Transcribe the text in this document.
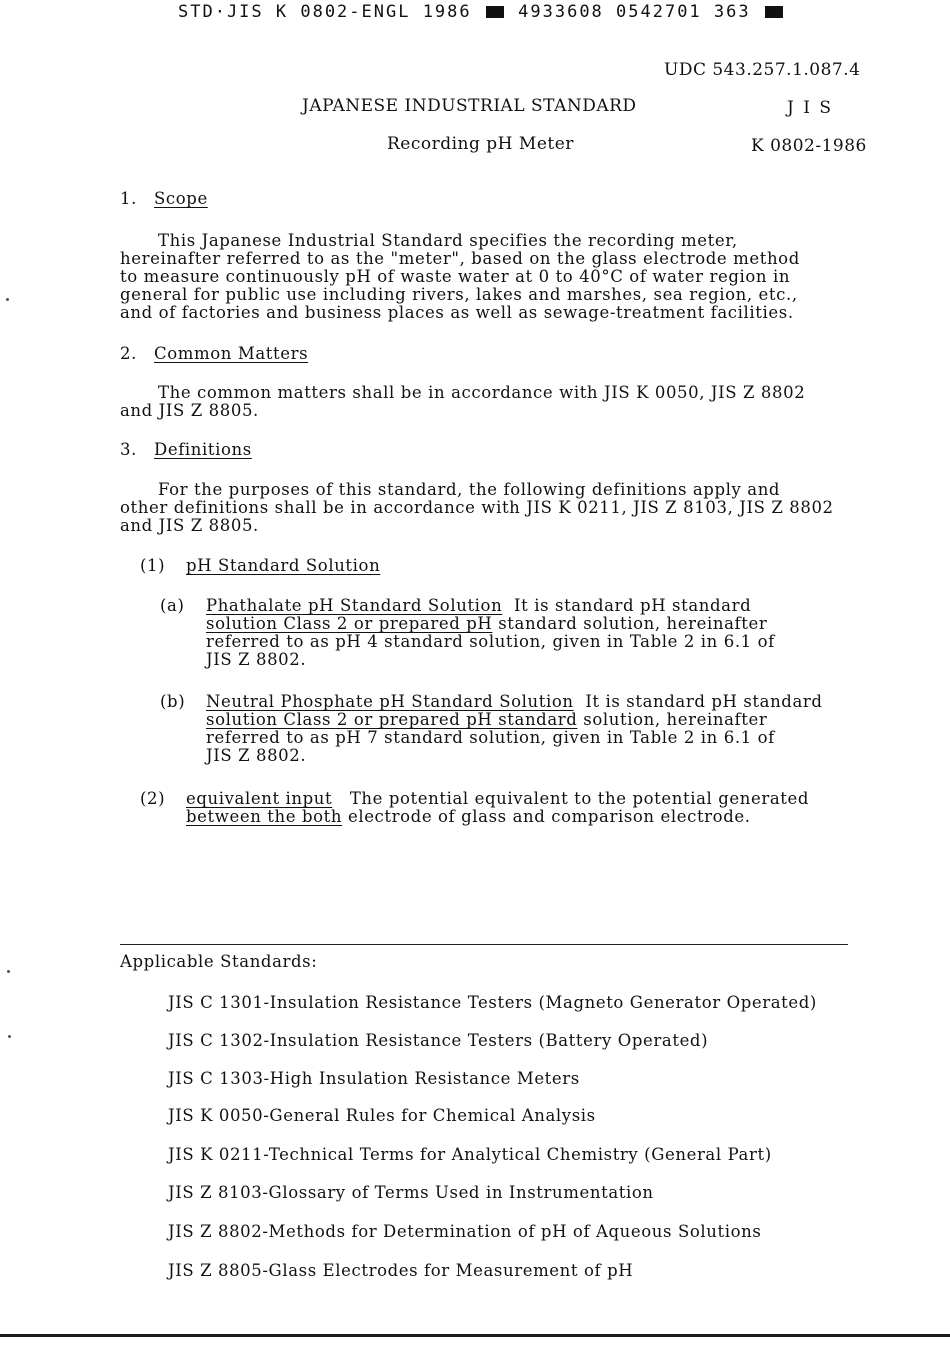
STD·JIS K 0802-ENGL 1986	4933608 0542701 363
UDC 543.257.1.087.4
JAPANESE INDUSTRIAL STANDARD	J I S
Recording pH Meter	K 0802-1986
1. Scope
This Japanese Industrial Standard specifies the recording meter,
hereinafter referred to as the "meter", based on the glass electrode method
to measure continuously pH of waste water at 0 to 40°C of water region in
general for public use including rivers, lakes and marshes, sea region, etc.,
and of factories and business places as well as sewage-treatment facilities.
2. Common Matters
The common matters shall be in accordance with JIS K 0050, JIS Z 8802
and JIS Z 8805.
3. Definitions
For the purposes of this standard, the following definitions apply and
other definitions shall be in accordance with JIS K 0211, JIS Z 8103, JIS Z 8802
and JIS Z 8805.
(1) pH Standard Solution
(a) Phathalate pH Standard Solution It is standard pH standard
solution Class 2 or prepared pH standard solution, hereinafter
referred to as pH 4 standard solution, given in Table 2 in 6.1 of
JIS Z 8802.
(b) Neutral Phosphate pH Standard Solution It is standard pH standard
solution Class 2 or prepared pH standard solution, hereinafter
referred to as pH 7 standard solution, given in Table 2 in 6.1 of
JIS Z 8802.
(2) equivalent input The potential equivalent to the potential generated
between the both electrode of glass and comparison electrode.
Applicable Standards:
JIS C 1301-Insulation Resistance Testers (Magneto Generator Operated)
JIS C 1302-Insulation Resistance Testers (Battery Operated)
JIS C 1303-High Insulation Resistance Meters
JIS K 0050-General Rules for Chemical Analysis
JIS K 0211-Technical Terms for Analytical Chemistry (General Part)
JIS Z 8103-Glossary of Terms Used in Instrumentation
JIS Z 8802-Methods for Determination of pH of Aqueous Solutions
JIS Z 8805-Glass Electrodes for Measurement of pH
